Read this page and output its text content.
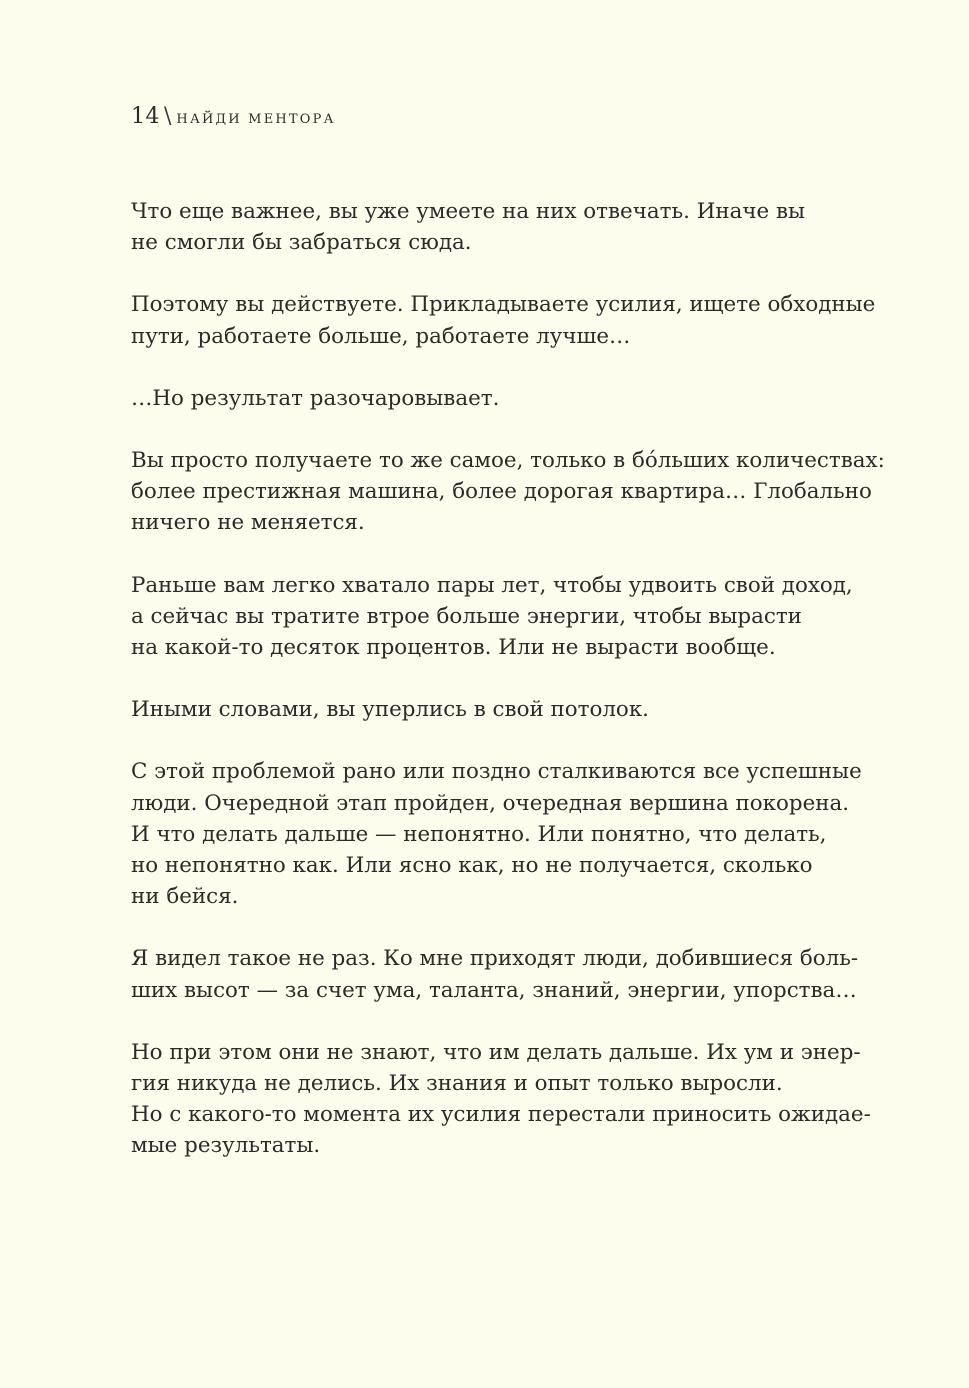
14 \ НАЙДИ МЕНТОРА
Что еще важнее, вы уже умеете на них отвечать. Иначе вы
не смогли бы забраться сюда.
Поэтому вы действуете. Прикладываете усилия, ищете обходные
пути, работаете больше, работаете лучше…
…Но результат разочаровывает.
Вы просто получаете то же самое, только в бóльших количествах:
более престижная машина, более дорогая квартира… Глобально
ничего не меняется.
Раньше вам легко хватало пары лет, чтобы удвоить свой доход,
а сейчас вы тратите втрое больше энергии, чтобы вырасти
на какой-то десяток процентов. Или не вырасти вообще.
Иными словами, вы уперлись в свой потолок.
С этой проблемой рано или поздно сталкиваются все успешные
люди. Очередной этап пройден, очередная вершина покорена.
И что делать дальше — непонятно. Или понятно, что делать,
но непонятно как. Или ясно как, но не получается, сколько
ни бейся.
Я видел такое не раз. Ко мне приходят люди, добившиеся боль-
ших высот — за счет ума, таланта, знаний, энергии, упорства…
Но при этом они не знают, что им делать дальше. Их ум и энер-
гия никуда не делись. Их знания и опыт только выросли.
Но с какого-то момента их усилия перестали приносить ожидае-
мые результаты.
